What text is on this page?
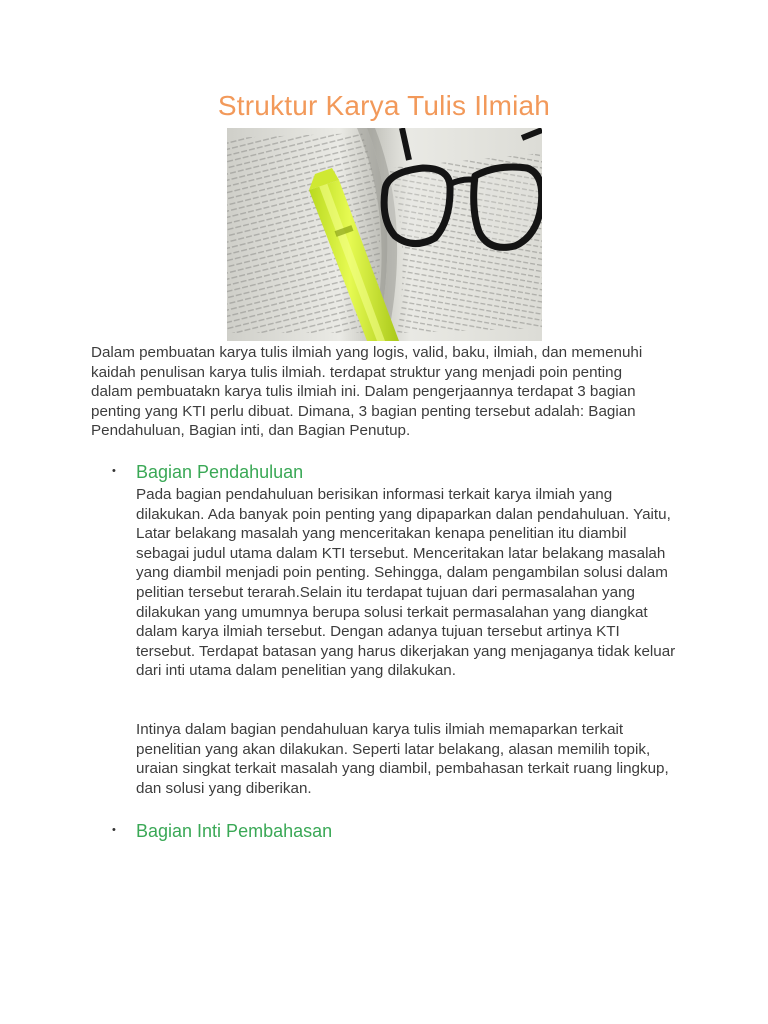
Struktur Karya Tulis Ilmiah

Dalam pembuatan karya tulis ilmiah yang logis, valid, baku, ilmiah, dan memenuhi kaidah penulisan karya tulis ilmiah. terdapat struktur yang menjadi poin penting dalam pembuatakn karya tulis ilmiah ini. Dalam pengerjaannya terdapat 3 bagian penting yang KTI perlu dibuat. Dimana, 3 bagian penting tersebut adalah: Bagian Pendahuluan, Bagian inti, dan Bagian Penutup.

• Bagian Pendahuluan

Pada bagian pendahuluan berisikan informasi terkait karya ilmiah yang dilakukan. Ada banyak poin penting yang dipaparkan dalan pendahuluan. Yaitu, Latar belakang masalah yang menceritakan kenapa penelitian itu diambil sebagai judul utama dalam KTI tersebut. Menceritakan latar belakang masalah yang diambil menjadi poin penting. Sehingga, dalam pengambilan solusi dalam pelitian tersebut terarah.Selain itu terdapat tujuan dari permasalahan yang dilakukan yang umumnya berupa solusi terkait permasalahan yang diangkat dalam karya ilmiah tersebut. Dengan adanya tujuan tersebut artinya KTI tersebut. Terdapat batasan yang harus dikerjakan yang menjaganya tidak keluar dari inti utama dalam penelitian yang dilakukan.

Intinya dalam bagian pendahuluan karya tulis ilmiah memaparkan terkait penelitian yang akan dilakukan. Seperti latar belakang, alasan memilih topik, uraian singkat terkait masalah yang diambil, pembahasan terkait ruang lingkup, dan solusi yang diberikan.

• Bagian Inti Pembahasan
